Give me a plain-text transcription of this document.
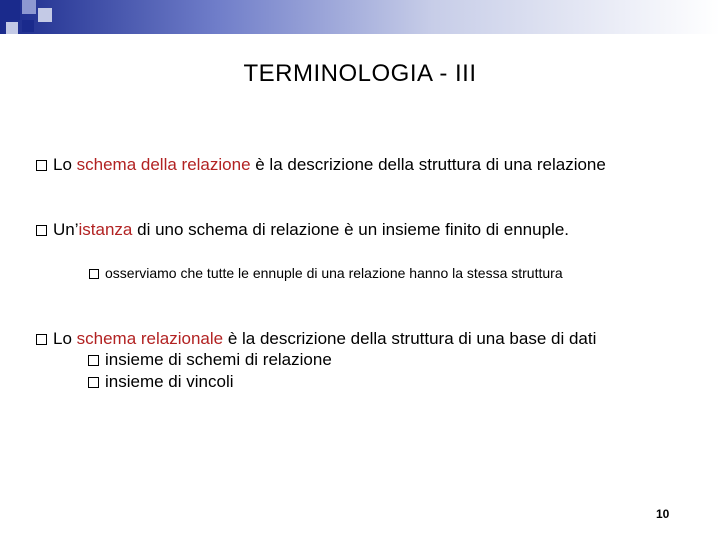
TERMINOLOGIA - III
Lo schema della relazione è la descrizione della struttura di una relazione
Un’istanza di uno schema di relazione è un insieme finito di ennuple.
osserviamo che tutte le ennuple di una relazione hanno la stessa struttura
Lo schema relazionale è la descrizione della struttura di una base di dati
insieme di schemi di relazione
insieme di vincoli
10
